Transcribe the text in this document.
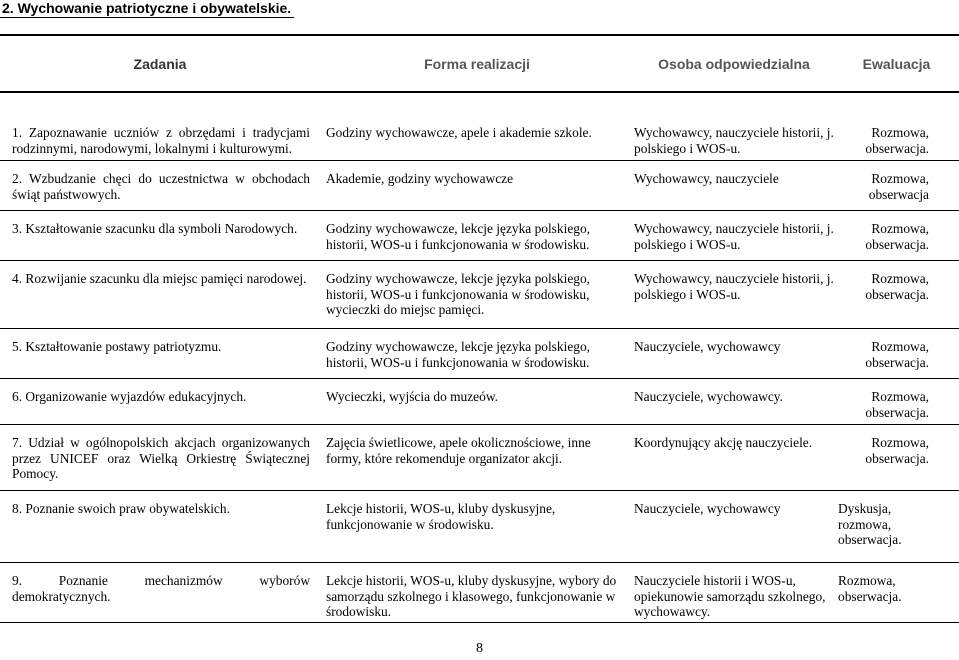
2. Wychowanie patriotyczne i obywatelskie.
Zadania	Forma realizacji	Osoba odpowiedzialna	Ewaluacja

1. Zapoznawanie uczniów z obrzędami i tradycjami rodzinnymi, narodowymi, lokalnymi i kulturowymi.	Godziny wychowawcze, apele i akademie szkole.	Wychowawcy, nauczyciele historii, j. polskiego i WOS-u.	Rozmowa, obserwacja.

2. Wzbudzanie chęci do uczestnictwa w obchodach świąt państwowych.	Akademie, godziny wychowawcze	Wychowawcy, nauczyciele	Rozmowa, obserwacja

3. Kształtowanie szacunku dla symboli Narodowych.	Godziny wychowawcze, lekcje języka polskiego, historii, WOS-u i funkcjonowania w środowisku.	Wychowawcy, nauczyciele historii, j. polskiego i WOS-u.	Rozmowa, obserwacja.

4. Rozwijanie szacunku dla miejsc pamięci narodowej.	Godziny wychowawcze, lekcje języka polskiego, historii, WOS-u i funkcjonowania w środowisku, wycieczki do miejsc pamięci.	Wychowawcy, nauczyciele historii, j. polskiego i WOS-u.	Rozmowa, obserwacja.

5. Kształtowanie postawy patriotyzmu.	Godziny wychowawcze, lekcje języka polskiego, historii, WOS-u i funkcjonowania w środowisku.	Nauczyciele, wychowawcy	Rozmowa, obserwacja.

6. Organizowanie wyjazdów edukacyjnych.	Wycieczki, wyjścia do muzeów.	Nauczyciele, wychowawcy.	Rozmowa, obserwacja.

7. Udział w ogólnopolskich akcjach organizowanych przez UNICEF oraz Wielką Orkiestrę Świątecznej Pomocy.	Zajęcia świetlicowe, apele okolicznościowe, inne formy, które rekomenduje organizator akcji.	Koordynujący akcję nauczyciele.	Rozmowa, obserwacja.

8. Poznanie swoich praw obywatelskich.	Lekcje historii, WOS-u, kluby dyskusyjne, funkcjonowanie w środowisku.	Nauczyciele, wychowawcy	Dyskusja, rozmowa, obserwacja.

9. Poznanie mechanizmów wyborów demokratycznych.	Lekcje historii, WOS-u, kluby dyskusyjne, wybory do samorządu szkolnego i klasowego, funkcjonowanie w środowisku.	Nauczyciele historii i WOS-u, opiekunowie samorządu szkolnego, wychowawcy.	Rozmowa, obserwacja.
8
